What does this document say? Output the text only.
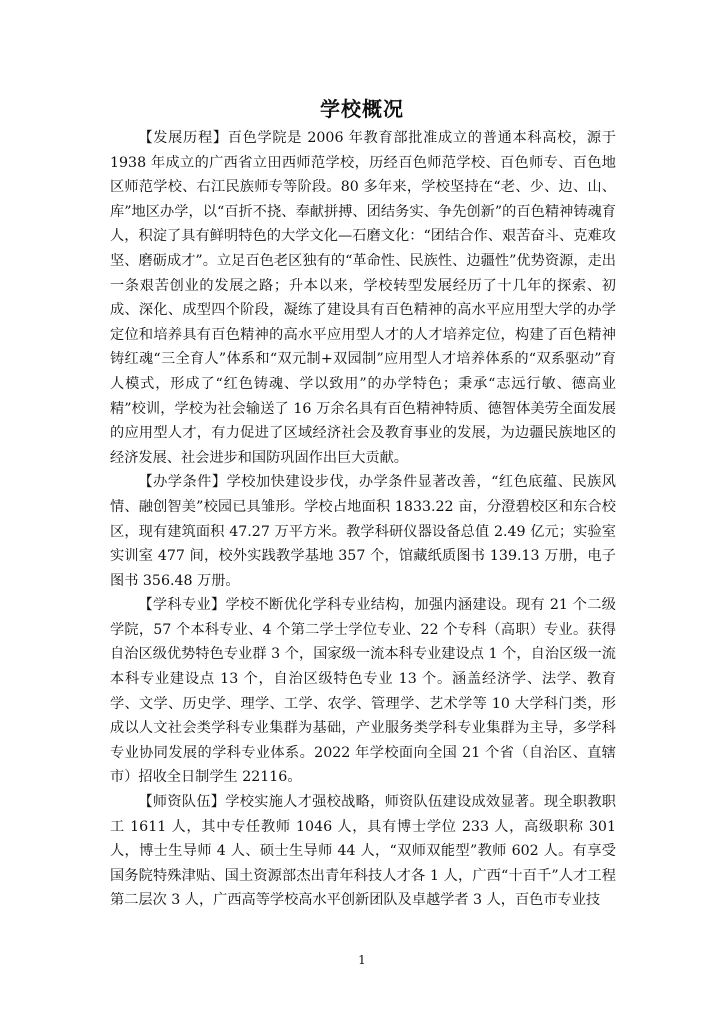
学校概况

【发展历程】百色学院是 2006 年教育部批准成立的普通本科高校，源于 1938 年成立的广西省立田西师范学校，历经百色师范学校、百色师专、百色地区师范学校、右江民族师专等阶段。80 多年来，学校坚持在“老、少、边、山、库”地区办学，以“百折不挠、奉献拼搏、团结务实、争先创新”的百色精神铸魂育人，积淀了具有鲜明特色的大学文化—石磨文化：“团结合作、艰苦奋斗、克难攻坚、磨砺成才”。立足百色老区独有的“革命性、民族性、边疆性”优势资源，走出一条艰苦创业的发展之路；升本以来，学校转型发展经历了十几年的探索、初成、深化、成型四个阶段，凝练了建设具有百色精神的高水平应用型大学的办学定位和培养具有百色精神的高水平应用型人才的人才培养定位，构建了百色精神铸红魂“三全育人”体系和“双元制+双园制”应用型人才培养体系的“双系驱动”育人模式，形成了“红色铸魂、学以致用”的办学特色；秉承“志远行敏、德高业精”校训，学校为社会输送了 16 万余名具有百色精神特质、德智体美劳全面发展的应用型人才，有力促进了区域经济社会及教育事业的发展，为边疆民族地区的经济发展、社会进步和国防巩固作出巨大贡献。

【办学条件】学校加快建设步伐，办学条件显著改善，“红色底蕴、民族风情、融创智美”校园已具雏形。学校占地面积 1833.22 亩，分澄碧校区和东合校区，现有建筑面积 47.27 万平方米。教学科研仪器设备总值 2.49 亿元；实验室实训室 477 间，校外实践教学基地 357 个，馆藏纸质图书 139.13 万册，电子图书 356.48 万册。

【学科专业】学校不断优化学科专业结构，加强内涵建设。现有 21 个二级学院，57 个本科专业、4 个第二学士学位专业、22 个专科（高职）专业。获得自治区级优势特色专业群 3 个，国家级一流本科专业建设点 1 个，自治区级一流本科专业建设点 13 个，自治区级特色专业 13 个。涵盖经济学、法学、教育学、文学、历史学、理学、工学、农学、管理学、艺术学等 10 大学科门类，形成以人文社会类学科专业集群为基础，产业服务类学科专业集群为主导，多学科专业协同发展的学科专业体系。2022 年学校面向全国 21 个省（自治区、直辖市）招收全日制学生 22116。

【师资队伍】学校实施人才强校战略，师资队伍建设成效显著。现全职教职工 1611 人，其中专任教师 1046 人，具有博士学位 233 人，高级职称 301 人，博士生导师 4 人、硕士生导师 44 人，“双师双能型”教师 602 人。有享受国务院特殊津贴、国土资源部杰出青年科技人才各 1 人，广西“十百千”人才工程第二层次 3 人，广西高等学校高水平创新团队及卓越学者 3 人，百色市专业技

1
